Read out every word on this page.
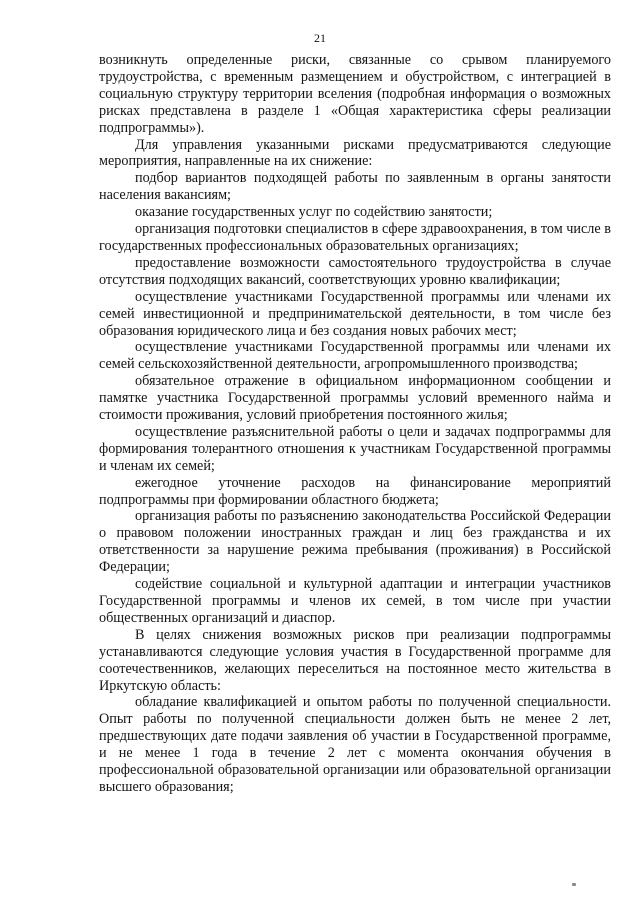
21

возникнуть определенные риски, связанные со срывом планируемого трудоустройства, с временным размещением и обустройством, с интеграцией в социальную структуру территории вселения (подробная информация о возможных рисках представлена в разделе 1 «Общая характеристика сферы реализации подпрограммы»).

Для управления указанными рисками предусматриваются следующие мероприятия, направленные на их снижение:

подбор вариантов подходящей работы по заявленным в органы занятости населения вакансиям;

оказание государственных услуг по содействию занятости;

организация подготовки специалистов в сфере здравоохранения, в том числе в государственных профессиональных образовательных организациях;

предоставление возможности самостоятельного трудоустройства в случае отсутствия подходящих вакансий, соответствующих уровню квалификации;

осуществление участниками Государственной программы или членами их семей инвестиционной и предпринимательской деятельности, в том числе без образования юридического лица и без создания новых рабочих мест;

осуществление участниками Государственной программы или членами их семей сельскохозяйственной деятельности, агропромышленного производства;

обязательное отражение в официальном информационном сообщении и памятке участника Государственной программы условий временного найма и стоимости проживания, условий приобретения постоянного жилья;

осуществление разъяснительной работы о цели и задачах подпрограммы для формирования толерантного отношения к участникам Государственной программы и членам их семей;

ежегодное уточнение расходов на финансирование мероприятий подпрограммы при формировании областного бюджета;

организация работы по разъяснению законодательства Российской Федерации о правовом положении иностранных граждан и лиц без гражданства и их ответственности за нарушение режима пребывания (проживания) в Российской Федерации;

содействие социальной и культурной адаптации и интеграции участников Государственной программы и членов их семей, в том числе при участии общественных организаций и диаспор.

В целях снижения возможных рисков при реализации подпрограммы устанавливаются следующие условия участия в Государственной программе для соотечественников, желающих переселиться на постоянное место жительства в Иркутскую область:

обладание квалификацией и опытом работы по полученной специальности. Опыт работы по полученной специальности должен быть не менее 2 лет, предшествующих дате подачи заявления об участии в Государственной программе, и не менее 1 года в течение 2 лет с момента окончания обучения в профессиональной образовательной организации или образовательной организации высшего образования;
